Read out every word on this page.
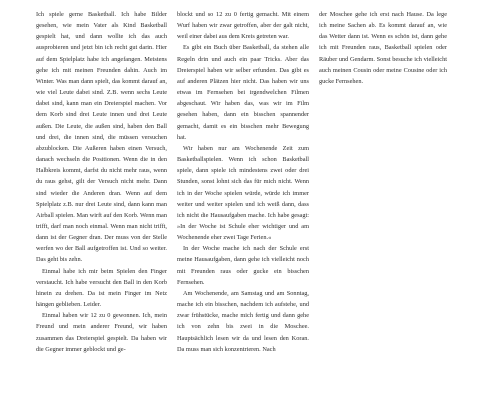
Ich spiele gerne Basketball. Ich habe Bilder gesehen, wie mein Vater als Kind Basketball gespielt hat, und dann wollte ich das auch ausprobieren und jetzt bin ich recht gut darin. Hier auf dem Spielplatz habe ich angefangen. Meistens gehe ich mit meinen Freunden dahin. Auch im Winter. Was man dann spielt, das kommt darauf an, wie viel Leute dabei sind. Z.B. wenn sechs Leute dabei sind, kann man ein Dreierspiel machen. Vor dem Korb sind drei Leute innen und drei Leute außen. Die Leute, die außen sind, haben den Ball und drei, die innen sind, die müssen versuchen abzublocken. Die Außeren haben einen Versuch, danach wechseln die Positionen. Wenn die in den Halbkreis kommt, darfst du nicht mehr raus, wenn du raus gehst, gilt der Versuch nicht mehr. Dann sind wieder die Anderen dran. Wenn auf dem Spielplatz z.B. nur drei Leute sind, dann kann man Airball spielen. Man wirft auf den Korb. Wenn man trifft, darf man noch einmal. Wenn man nicht trifft, dann ist der Gegner dran. Der muss von der Stelle werfen wo der Ball aufgetroffen ist. Und so weiter. Das geht bis zehn.

Einmal habe ich mir beim Spielen den Finger verstaucht. Ich habe versucht den Ball in den Korb hinein zu drehen. Da ist mein Finger im Netz hängen geblieben. Leider.

Einmal haben wir 12 zu 0 gewonnen. Ich, mein Freund und mein anderer Freund, wir haben zusammen das Dreierspiel gespielt. Da haben wir die Gegner immer geblockt und ge-

blockt und so 12 zu 0 fertig gemacht. Mit einem Wurf haben wir zwar getroffen, aber der galt nicht, weil einer dabei aus dem Kreis getreten war.

Es gibt ein Buch über Basketball, da stehen alle Regeln drin und auch ein paar Tricks. Aber das Dreierspiel haben wir selber erfunden. Das gibt es auf anderen Plätzen hier nicht. Das haben wir uns etwas im Fernsehen bei irgendwelchen Filmen abgeschaut. Wir haben das, was wir im Film gesehen haben, dann ein bisschen spannender gemacht, damit es ein bisschen mehr Bewegung hat.

Wir haben nur am Wochenende Zeit zum Basketballspielen. Wenn ich schon Basketball spiele, dann spiele ich mindestens zwei oder drei Stunden, sonst lohnt sich das für mich nicht. Wenn ich in der Woche spielen würde, würde ich immer weiter und weiter spielen und ich weiß dann, dass ich nicht die Hausaufgaben mache. Ich habe gesagt: »In der Woche ist Schule eher wichtiger und am Wochenende eher zwei Tage Ferien.«

In der Woche mache ich nach der Schule erst meine Hausaufgaben, dann gehe ich vielleicht noch mit Freunden raus oder gucke ein bisschen Fernsehen.

Am Wochenende, am Samstag und am Sonntag, mache ich ein bisschen, nachdem ich aufstehe, und zwar frühstücke, mache mich fertig und dann gehe ich von zehn bis zwei in die Moschee. Hauptsächlich lesen wir da und lesen den Koran. Da muss man sich konzentrieren. Nach

der Moschee gehe ich erst nach Hause. Da lege ich meine Sachen ab. Es kommt darauf an, wie das Wetter dann ist. Wenn es schön ist, dann gehe ich mit Freunden raus, Basketball spielen oder Räuber und Gendarm. Sonst besuche ich vielleicht auch meinen Cousin oder meine Cousine oder ich gucke Fernsehen.
